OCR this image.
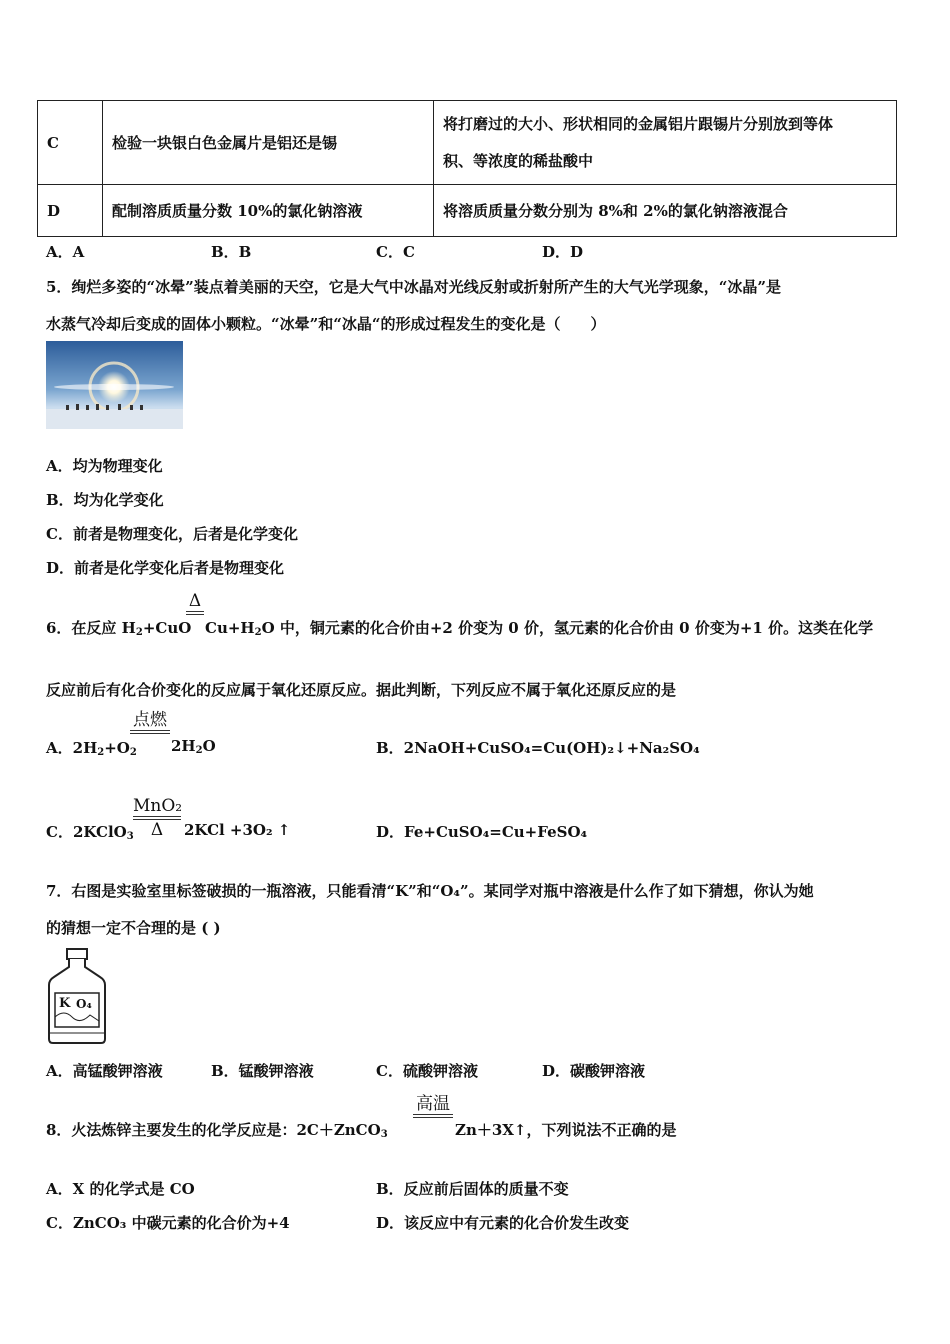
C	检验一块银白色金属片是铝还是锡	将打磨过的大小、形状相同的金属铝片跟锡片分别放到等体
积、等浓度的稀盐酸中

D	配制溶质质量分数 10%的氯化钠溶液	将溶质质量分数分别为 8%和 2%的氯化钠溶液混合
A．A	B．B	C．C	D．D
5．绚烂多姿的“冰晕”装点着美丽的天空，它是大气中冰晶对光线反射或折射所产生的大气光学现象，“冰晶”是
水蒸气冷却后变成的固体小颗粒。“冰晕”和“冰晶“的形成过程发生的变化是（　　）
A．均为物理变化
B．均为化学变化
C．前者是物理变化，后者是化学变化
D．前者是化学变化后者是物理变化
6．在反应 $H_2+CuO$
Δ
$Cu+H_2O$ 中，铜元素的化合价由+2 价变为 0 价，氢元素的化合价由 0 价变为+1 价。这类在化学
反应前后有化合价变化的反应属于氧化还原反应。据此判断，下列反应不属于氧化还原反应的是
A．$2H_2+O_2$
点燃
$2H_2O$	B．2NaOH+CuSO₄=Cu(OH)₂↓+Na₂SO₄
C．2KClO$_3$
MnO₂
Δ	2KCl +3O₂ ↑	D．Fe+CuSO₄=Cu+FeSO₄
7．右图是实验室里标签破损的一瓶溶液，只能看清“K”和“O₄”。某同学对瓶中溶液是什么作了如下猜想，你认为她
的猜想一定不合理的是 ( )
K O₄
A．高锰酸钾溶液	B．锰酸钾溶液	C．硫酸钾溶液	D．碳酸钾溶液
8．火法炼锌主要发生的化学反应是：2C＋ZnCO$_3$
高温
Zn＋3X↑，下列说法不正确的是
A．X 的化学式是 CO	B．反应前后固体的质量不变
C．ZnCO₃ 中碳元素的化合价为+4	D．该反应中有元素的化合价发生改变
